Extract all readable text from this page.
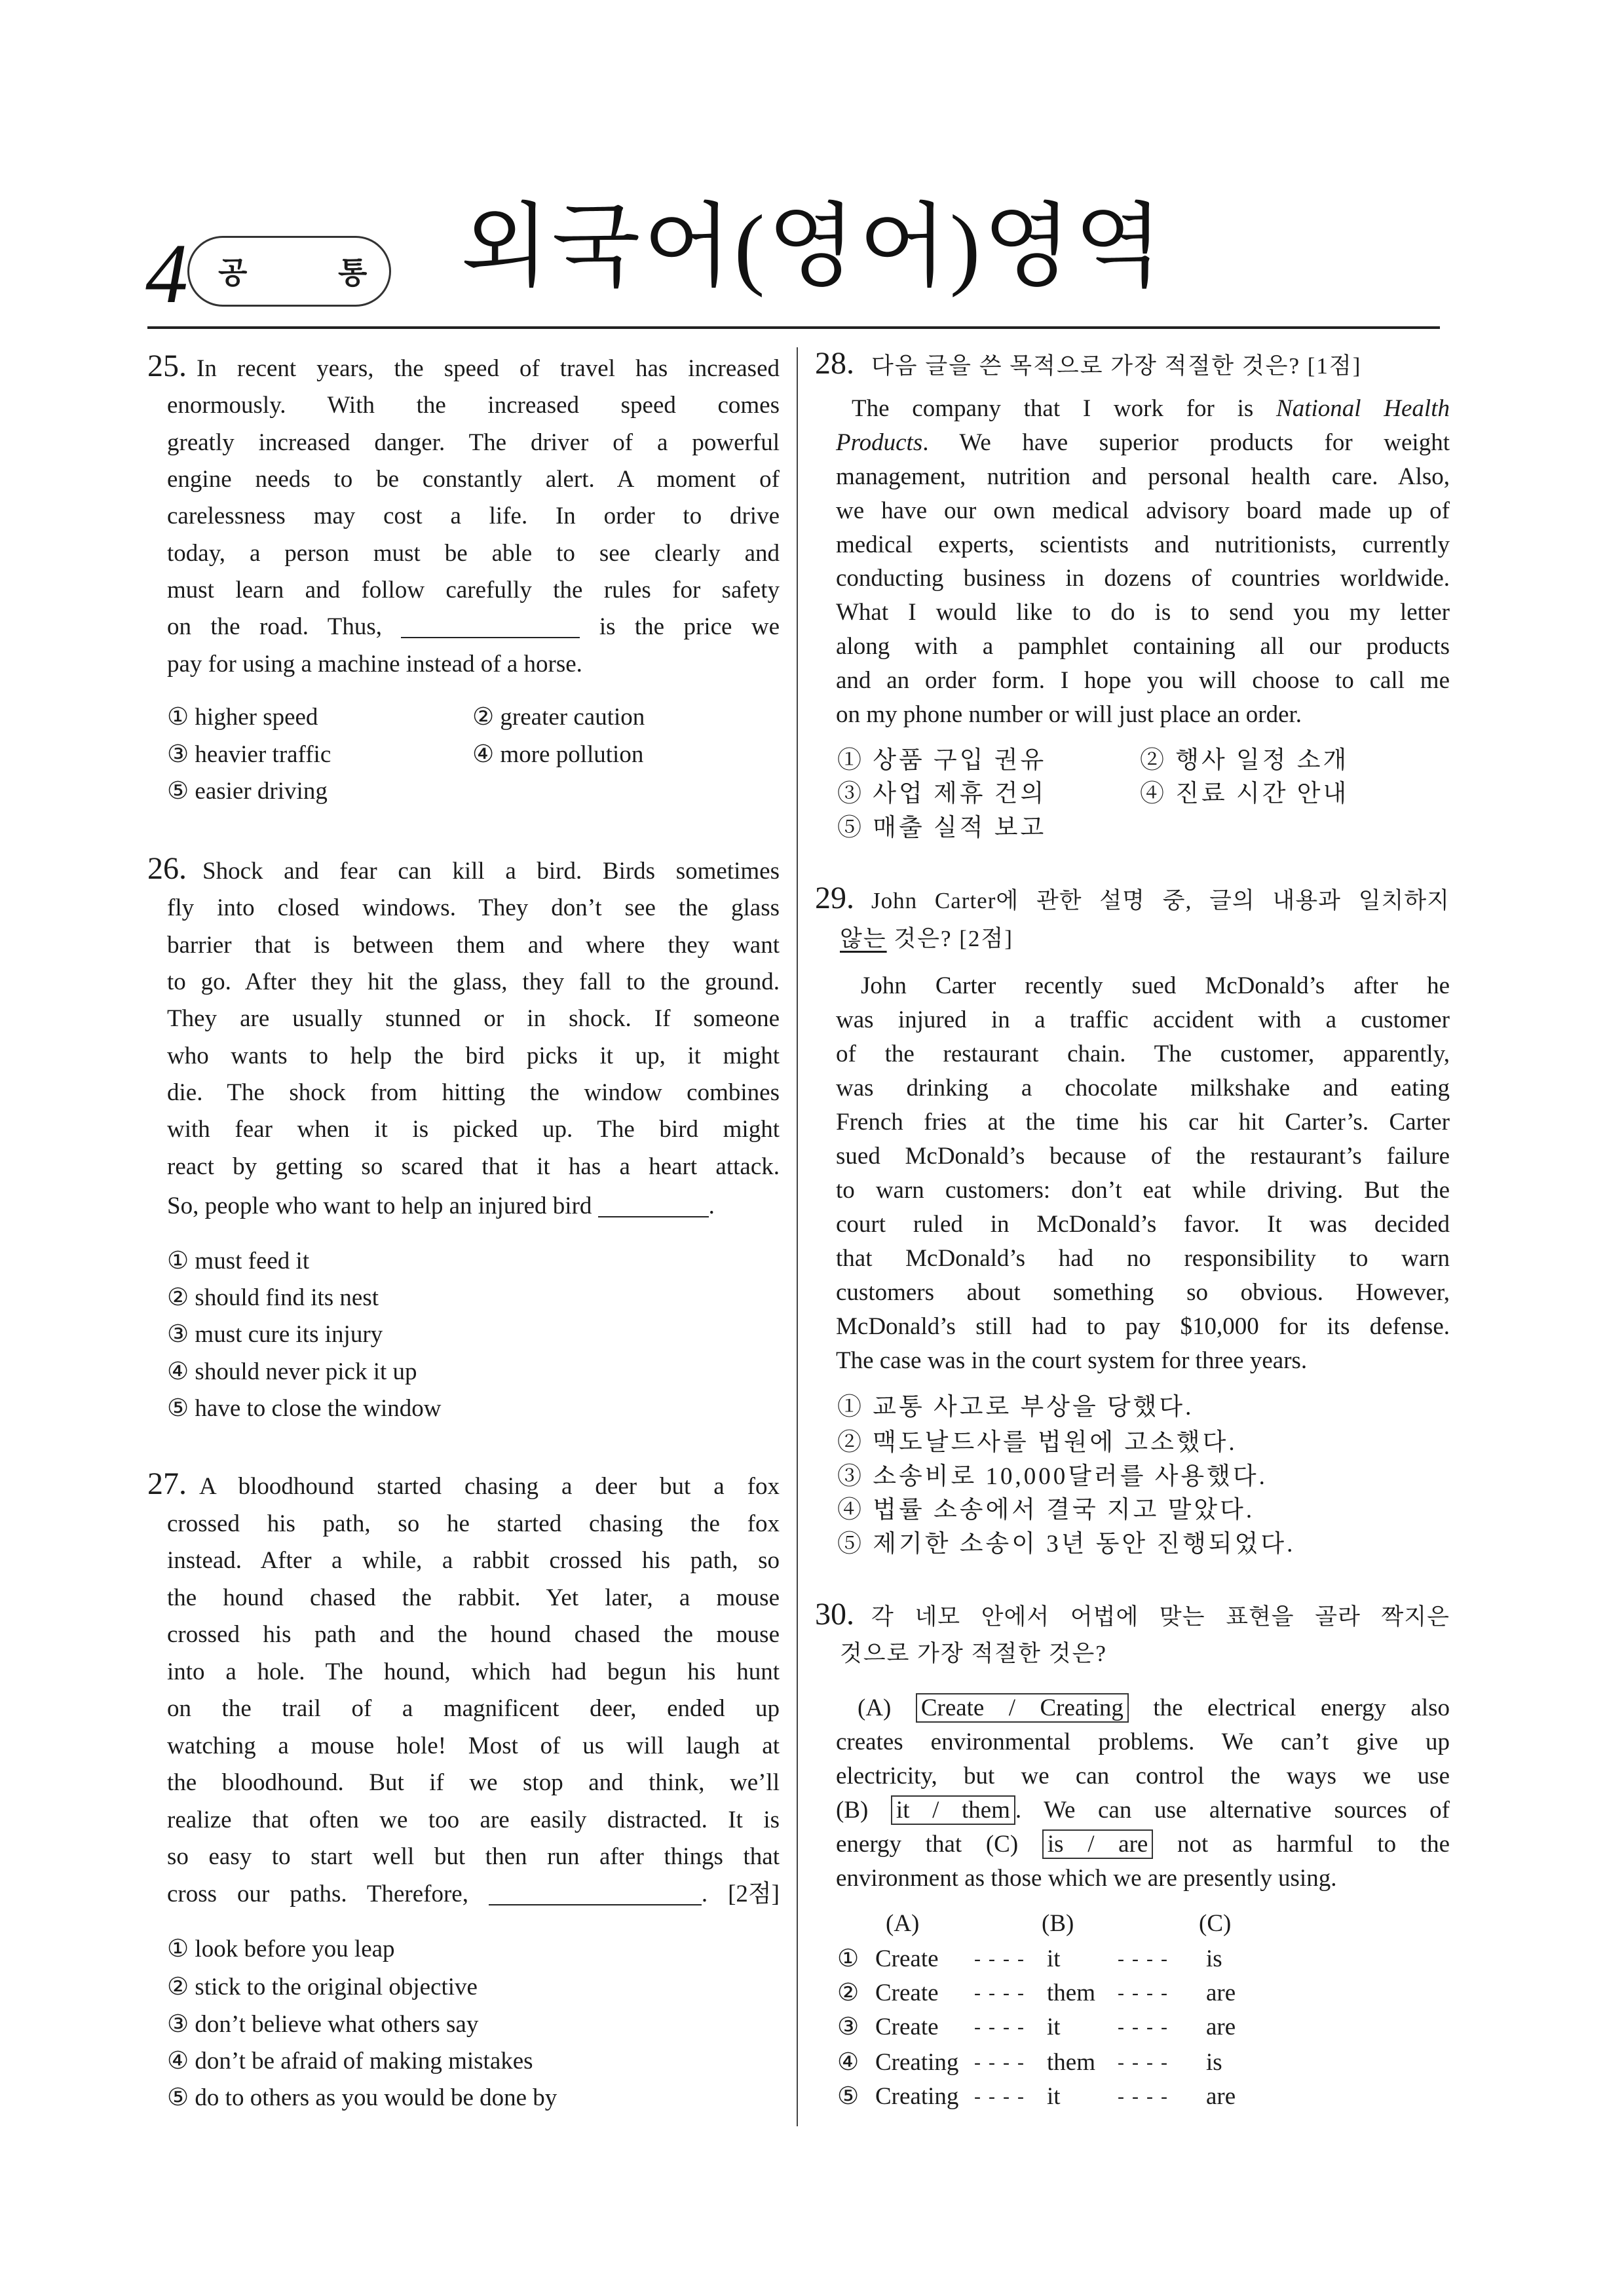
4 공	통 외국어(영어)영역
25. In recent years, the speed of travel has increased
enormously. With the increased speed comes
greatly increased danger. The driver of a powerful
engine needs to be constantly alert. A moment of
carelessness may cost a life. In order to drive
today, a person must be able to see clearly and
must learn and follow carefully the rules for safety
on the road. Thus,	is the price we
pay for using a machine instead of a horse.
① higher speed	② greater caution
③ heavier traffic	④ more pollution
⑤ easier driving
26. Shock and fear can kill a bird. Birds sometimes
fly into closed windows. They don’t see the glass
barrier that is between them and where they want
to go. After they hit the glass, they fall to the ground.
They are usually stunned or in shock. If someone
who wants to help the bird picks it up, it might
die. The shock from hitting the window combines
with fear when it is picked up. The bird might
react by getting so scared that it has a heart attack.
So, people who want to help an injured bird	.
① must feed it
② should find its nest
③ must cure its injury
④ should never pick it up
⑤ have to close the window
27. A bloodhound started chasing a deer but a fox
crossed his path, so he started chasing the fox
instead. After a while, a rabbit crossed his path, so
the hound chased the rabbit. Yet later, a mouse
crossed his path and the hound chased the mouse
into a hole. The hound, which had begun his hunt
on the trail of a magnificent deer, ended up
watching a mouse hole! Most of us will laugh at
the bloodhound. But if we stop and think, we’ll
realize that often we too are easily distracted. It is
so easy to start well but then run after things that
cross our paths. Therefore,	. [2점]
① look before you leap
② stick to the original objective
③ don’t believe what others say
④ don’t be afraid of making mistakes
⑤ do to others as you would be done by
28. 다음 글을 쓴 목적으로 가장 적절한 것은? [1점]
The company that I work for is National Health
Products. We have superior products for weight
management, nutrition and personal health care. Also,
we have our own medical advisory board made up of
medical experts, scientists and nutritionists, currently
conducting business in dozens of countries worldwide.
What I would like to do is to send you my letter
along with a pamphlet containing all our products
and an order form. I hope you will choose to call me
on my phone number or will just place an order.
① 상품 구입 권유	② 행사 일정 소개
③ 사업 제휴 건의	④ 진료 시간 안내
⑤ 매출 실적 보고
29. John Carter에 관한 설명 중, 글의 내용과 일치하지
않는 것은? [2점]
John Carter recently sued McDonald’s after he
was injured in a traffic accident with a customer
of the restaurant chain. The customer, apparently,
was drinking a chocolate milkshake and eating
French fries at the time his car hit Carter’s. Carter
sued McDonald’s because of the restaurant’s failure
to warn customers: don’t eat while driving. But the
court ruled in McDonald’s favor. It was decided
that McDonald’s had no responsibility to warn
customers about something so obvious. However,
McDonald’s still had to pay $10,000 for its defense.
The case was in the court system for three years.
① 교통 사고로 부상을 당했다.
② 맥도날드사를 법원에 고소했다.
③ 소송비로 10,000달러를 사용했다.
④ 법률 소송에서 결국 지고 말았다.
⑤ 제기한 소송이 3년 동안 진행되었다.
30. 각 네모 안에서 어법에 맞는 표현을 골라 짝지은
것으로 가장 적절한 것은?
(A) Create / Creating the electrical energy also
creates environmental problems. We can’t give up
electricity, but we can control the ways we use
(B) it / them . We can use alternative sources of
energy that (C) is / are not as harmful to the
environment as those which we are presently using.
(A)	(B)	(C)
① Create ---- it	---- is
② Create ---- them ---- are
③ Create ---- it	---- are
④ Creating ---- them ---- is
⑤ Creating ---- it	---- are
